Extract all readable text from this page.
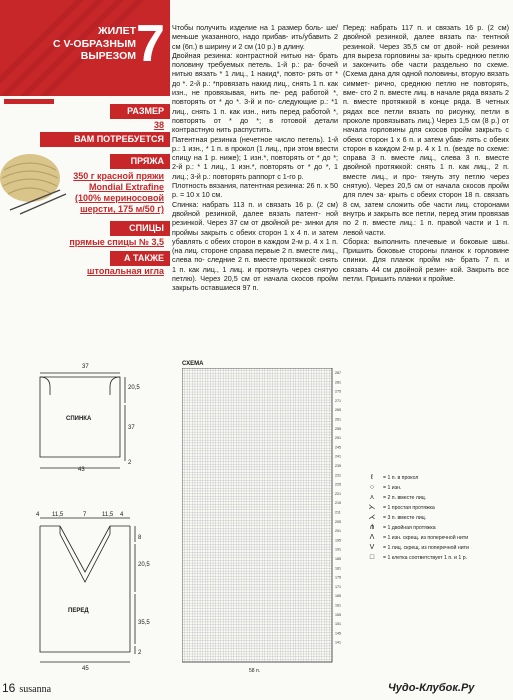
ЖИЛЕТ
С V-ОБРАЗНЫМ
ВЫРЕЗОМ 7
РАЗМЕР
38
ВАМ ПОТРЕБУЕТСЯ
ПРЯЖА
350 г красной пряжи
Mondial Extrafine
(100% мериносовой
шерсти, 175 м/50 г)
СПИЦЫ
прямые спицы № 3,5
А ТАКЖЕ
штопальная игла

Чтобы получить изделие на 1 размер боль- ше/меньше указанного, надо прибав- ить/убавить 2 см (6п.) в ширину и 2 см (10 р.) в длину.

Двойная резинка: контрастной нитью на- брать половину требуемых петель. 1-й р.: ра- бочей нитью вязать * 1 лиц., 1 накид*, повто- рять от * до *. 2-й р.: *провязать накид лиц., снять 1 п. как изн., не провязывая, нить пе- ред работой *, повторять от * до *. 3-й и по- следующие р.: *1 лиц., снять 1 п. как изн., нить перед работой *, повторять от * до *; в готовой детали контрастную нить распустить.

Патентная резинка (нечетное число петель). 1-й р.: 1 изн., * 1 п. в прокол (1 лиц., при этом ввести спицу на 1 р. ниже); 1 изн.*, повторять от * до *; 2-й р.: * 1 лиц., 1 изн.*, повторять от * до *, 1 лиц.; 3-й р.: повторять раппорт с 1-го р.

Плотность вязания, патентная резинка: 26 п. х 50 р. = 10 х 10 см.

Спинка: набрать 113 п. и связать 16 р. (2 см) двойной резинкой, далее вязать патент- ной резинкой. Через 37 см от двойной ре- зинки для проймы закрыть с обеих сторон 1 х 4 п. и затем убавлять с обеих сторон в каждом 2-м р. 4 х 1 п. (на лиц. стороне справа первые 2 п. вместе лиц., слева по- следние 2 п. вместе протяжкой: снять 1 п. как лиц., 1 лиц. и протянуть через снятую петлю). Через 20,5 см от начала скосов пройм закрыть оставшиеся 97 п.

Перед: набрать 117 п. и связать 16 р. (2 см) двойной резинкой, далее вязать па- тентной резинкой. Через 35,5 см от двой- ной резинки для выреза горловины за- крыть среднюю петлю и закончить обе части раздельно по схеме. (Схема дана для одной половины, вторую вязать симмет- рично, среднюю петлю не повторять, вме- сто 2 п. вместе лиц. в начале ряда вязать 2 п. вместе протяжкой в конце ряда. В четных рядах все петли вязать по рисунку, петли в проколе провязывать лиц.) Через 1,5 см (8 р.) от начала горловины для скосов пройм закрыть с обеих сторон 1 х 6 п. и затем убав- лять с обеих сторон в каждом 2-м р. 4 х 1 п. (везде по схеме: справа 3 п. вместе лиц., слева 3 п. вместе двойной протяжкой: снять 1 п. как лиц., 2 п. вместе лиц., и про- тянуть эту петлю через снятую). Через 20,5 см от начала скосов пройм для плеч за- крыть с обеих сторон 18 п. связать 8 см, затем сложить обе части лиц. сторонами внутрь и закрыть все петли, перед этим провязав по 2 п. вместе лиц.: 1 п. правой части и 1 п. левой части.

Сборка: выполнить плечевые и боковые швы. Пришить боковые стороны планок к горловине спинки. Для планок пройм на- брать 7 п. и связать 44 см двойной резин- кой. Закрыть все петли. Пришить планки к пройме.

37
20,5
37
2
43
СПИНКА
4 11,5	7	11,5 4
8
20,5
35,5
2
45
ПЕРЕД
СХЕМА
287
281
275
271
265
261
255
251
245
241
235
231
225
221
215
211
205
201
195
191
185
181
175
171
165
161
155
151
145
141
58 п.
ℓ	= 1 п. в прокол
○	= 1 изн.
⋏	= 2 п. вместе лиц.
⋋	= 1 простая протяжка
⋌	= 3 п. вместе лиц.
⋔	= 1 двойная протяжка
Λ	= 1 изн. скрещ. из поперечной нити
V	= 1 лиц. скрещ. из поперечной нити
□	= 1 клетка соответствует 1 п. и 1 р.
16 susanna	Чудо-Клубок.Ру
